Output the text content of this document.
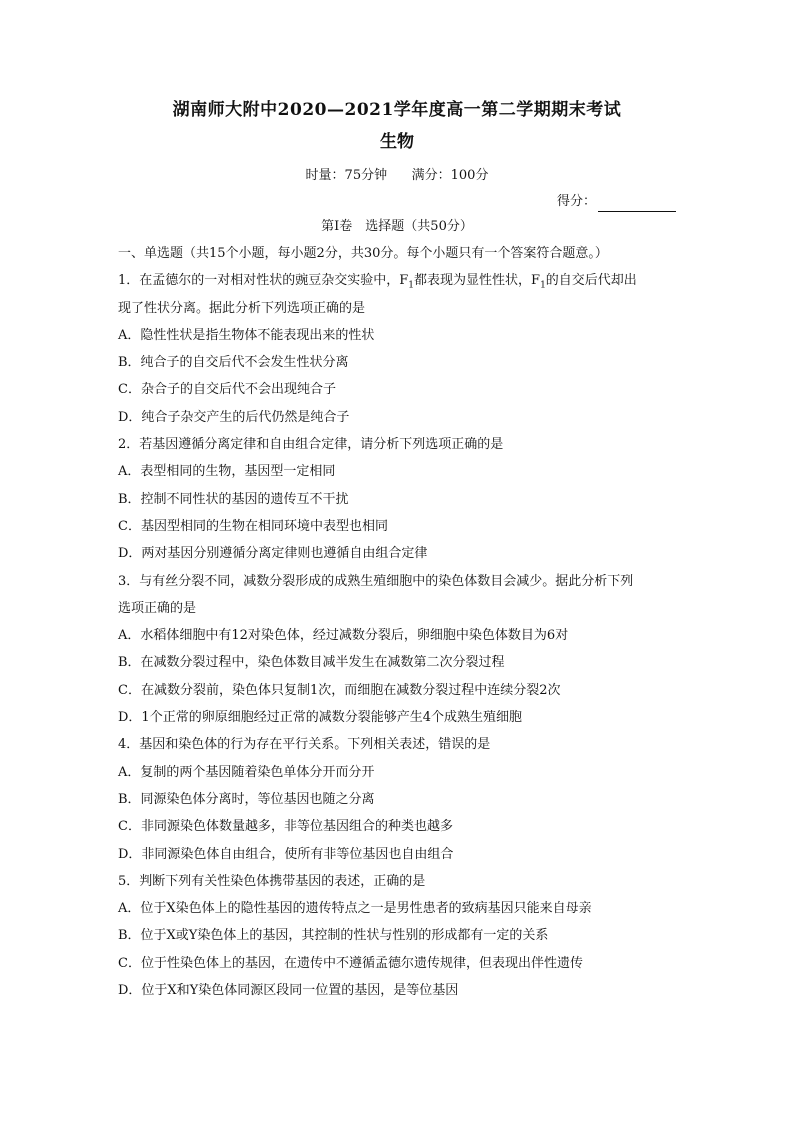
湖南师大附中2020—2021学年度高一第二学期期末考试
生物
时量：75分钟 满分：100分
得分：
第Ⅰ卷　选择题（共50分）
一、单选题（共15个小题，每小题2分，共30分。每个小题只有一个答案符合题意。）
1．在孟德尔的一对相对性状的豌豆杂交实验中，$F_1$都表现为显性性状，$F_1$的自交后代却出
现了性状分离。据此分析下列选项正确的是
A．隐性性状是指生物体不能表现出来的性状
B．纯合子的自交后代不会发生性状分离
C．杂合子的自交后代不会出现纯合子
D．纯合子杂交产生的后代仍然是纯合子
2．若基因遵循分离定律和自由组合定律，请分析下列选项正确的是
A．表型相同的生物，基因型一定相同
B．控制不同性状的基因的遗传互不干扰
C．基因型相同的生物在相同环境中表型也相同
D．两对基因分别遵循分离定律则也遵循自由组合定律
3．与有丝分裂不同，减数分裂形成的成熟生殖细胞中的染色体数目会减少。据此分析下列
选项正确的是
A．水稻体细胞中有12对染色体，经过减数分裂后，卵细胞中染色体数目为6对
B．在减数分裂过程中，染色体数目减半发生在减数第二次分裂过程
C．在减数分裂前，染色体只复制1次，而细胞在减数分裂过程中连续分裂2次
D．1个正常的卵原细胞经过正常的减数分裂能够产生4个成熟生殖细胞
4．基因和染色体的行为存在平行关系。下列相关表述，错误的是
A．复制的两个基因随着染色单体分开而分开
B．同源染色体分离时，等位基因也随之分离
C．非同源染色体数量越多，非等位基因组合的种类也越多
D．非同源染色体自由组合，使所有非等位基因也自由组合
5．判断下列有关性染色体携带基因的表述，正确的是
A．位于X染色体上的隐性基因的遗传特点之一是男性患者的致病基因只能来自母亲
B．位于X或Y染色体上的基因，其控制的性状与性别的形成都有一定的关系
C．位于性染色体上的基因，在遗传中不遵循孟德尔遗传规律，但表现出伴性遗传
D．位于X和Y染色体同源区段同一位置的基因，是等位基因
